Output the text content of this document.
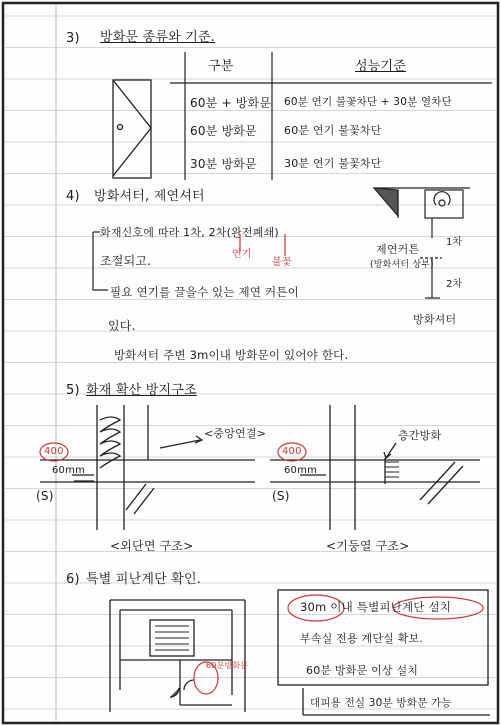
3) 방화문 종류와 기준.
구분	성능기준
60분 + 방화문 60분 연기 불꽃차단 + 30분 열차단
60분 방화문 60분 연기 불꽃차단
30분 방화문 30분 연기 불꽃차단
4) 방화셔터, 제연셔터
화재신호에 따라 1차, 2차(완전폐쇄)
연기
불꽃
조절되고.
필요 연기를 끌을수 있는 제연 커튼이
있다.
방화셔터 주변 3m이내 방화문이 있어야 한다.
제연커튼
(방화셔터 상부)
1차
2차
방화셔터
5) 화재 확산 방지구조
400
60mm
(S)
<중앙연결>
<외단면 구조>
400
60mm
(S)
층간방화
<기둥열 구조>
6) 특별 피난계단 확인.
30m 이내 특별피난계단 설치
부속실 전용 계단실 확보.
60분 방화문 이상 설치
대피용 전실 30분 방화문 가능
60분방화문
